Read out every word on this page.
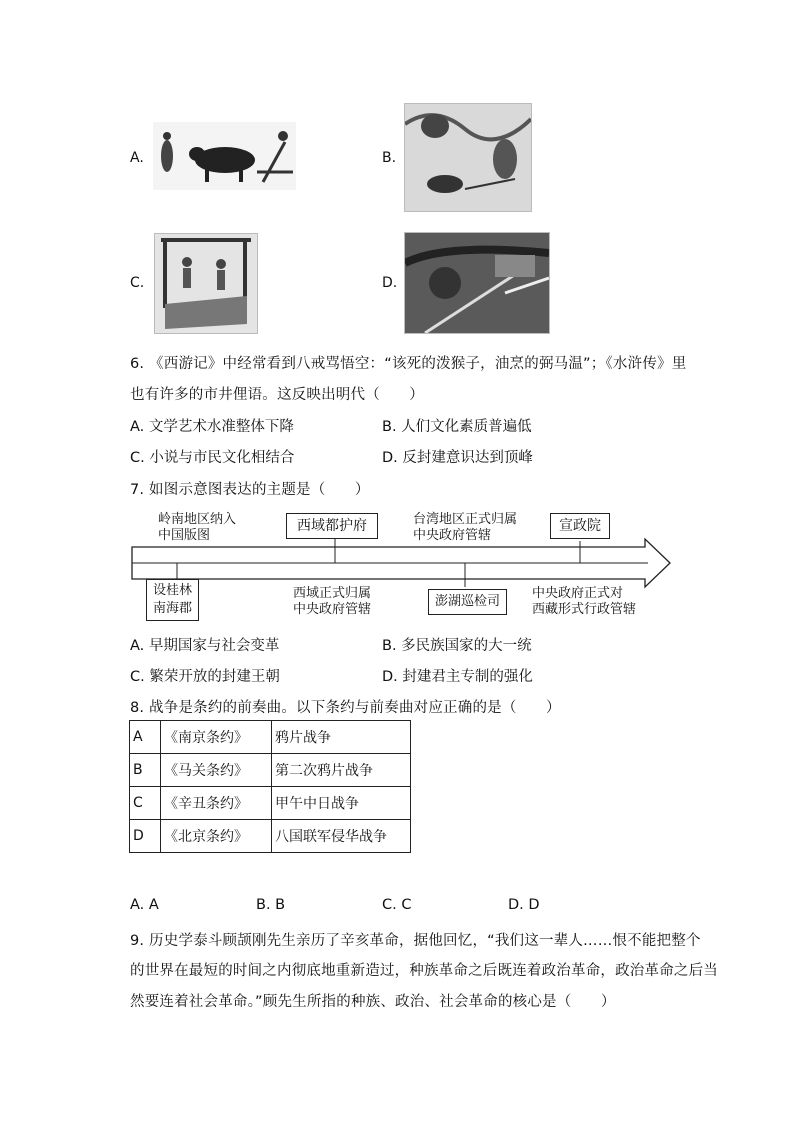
A.	B.
C.	D.
6. 《西游记》中经常看到八戒骂悟空：“该死的泼猴子，油烹的弼马温”；《水浒传》里
也有许多的市井俚语。这反映出明代（　　）
A. 文学艺术水准整体下降	B. 人们文化素质普遍低
C. 小说与市民文化相结合	D. 反封建意识达到顶峰
7. 如图示意图表达的主题是（　　）
岭南地区纳入
中国版图
西域都护府	台湾地区正式归属
中央政府管辖
宣政院
设桂林
南海郡
西域正式归属
中央政府管辖
澎湖巡检司
中央政府正式对
西藏形式行政管辖
A. 早期国家与社会变革	B. 多民族国家的大一统
C. 繁荣开放的封建王朝	D. 封建君主专制的强化
8. 战争是条约的前奏曲。以下条约与前奏曲对应正确的是（　　）
A	《南京条约》	鸦片战争
B	《马关条约》	第二次鸦片战争
C	《辛丑条约》	甲午中日战争
D	《北京条约》	八国联军侵华战争
A. A	B. B	C. C	D. D
9. 历史学泰斗顾颉刚先生亲历了辛亥革命，据他回忆，“我们这一辈人……恨不能把整个
的世界在最短的时间之内彻底地重新造过，种族革命之后既连着政治革命，政治革命之后当
然要连着社会革命。”顾先生所指的种族、政治、社会革命的核心是（　　）
